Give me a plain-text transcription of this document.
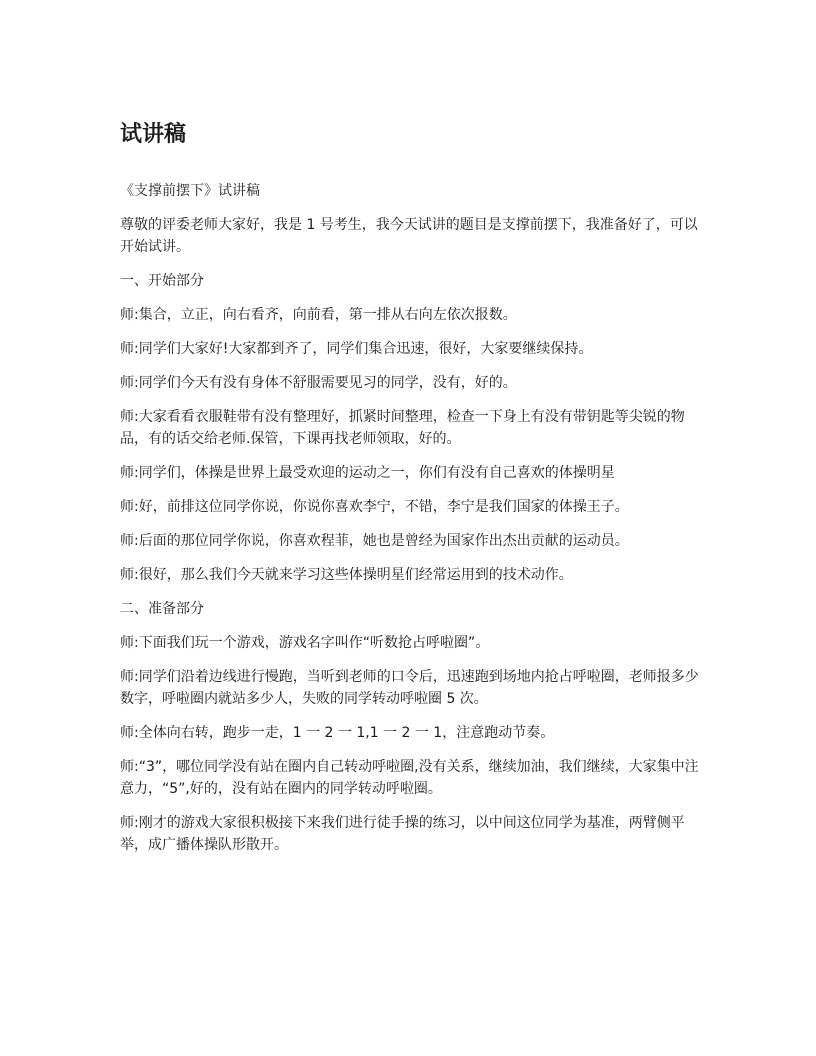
试讲稿

《支撑前摆下》试讲稿

尊敬的评委老师大家好，我是 1 号考生，我今天试讲的题目是支撑前摆下，我准备好了，可以开始试讲。

一、开始部分

师:集合，立正，向右看齐，向前看，第一排从右向左依次报数。

师:同学们大家好!大家都到齐了，同学们集合迅速，很好，大家要继续保持。

师:同学们今天有没有身体不舒服需要见习的同学，没有，好的。

师:大家看看衣服鞋带有没有整理好，抓紧时间整理，检查一下身上有没有带钥匙等尖锐的物品，有的话交给老师.保管，下课再找老师领取，好的。

师:同学们，体操是世界上最受欢迎的运动之一，你们有没有自己喜欢的体操明星

师:好，前排这位同学你说，你说你喜欢李宁，不错，李宁是我们国家的体操王子。

师:后面的那位同学你说，你喜欢程菲，她也是曾经为国家作出杰出贡献的运动员。

师:很好，那么我们今天就来学习这些体操明星们经常运用到的技术动作。

二、准备部分

师:下面我们玩一个游戏，游戏名字叫作“听数抢占呼啦圈”。

师:同学们沿着边线进行慢跑，当听到老师的口令后，迅速跑到场地内抢占呼啦圈，老师报多少数字，呼啦圈内就站多少人，失败的同学转动呼啦圈 5 次。

师:全体向右转，跑步一走，1 一 2 一 1,1 一 2 一 1，注意跑动节奏。

师:“3”，哪位同学没有站在圈内自己转动呼啦圈,没有关系，继续加油，我们继续，大家集中注意力，“5”,好的，没有站在圈内的同学转动呼啦圈。

师:刚才的游戏大家很积极接下来我们进行徒手操的练习，以中间这位同学为基准，两臂侧平举，成广播体操队形散开。
